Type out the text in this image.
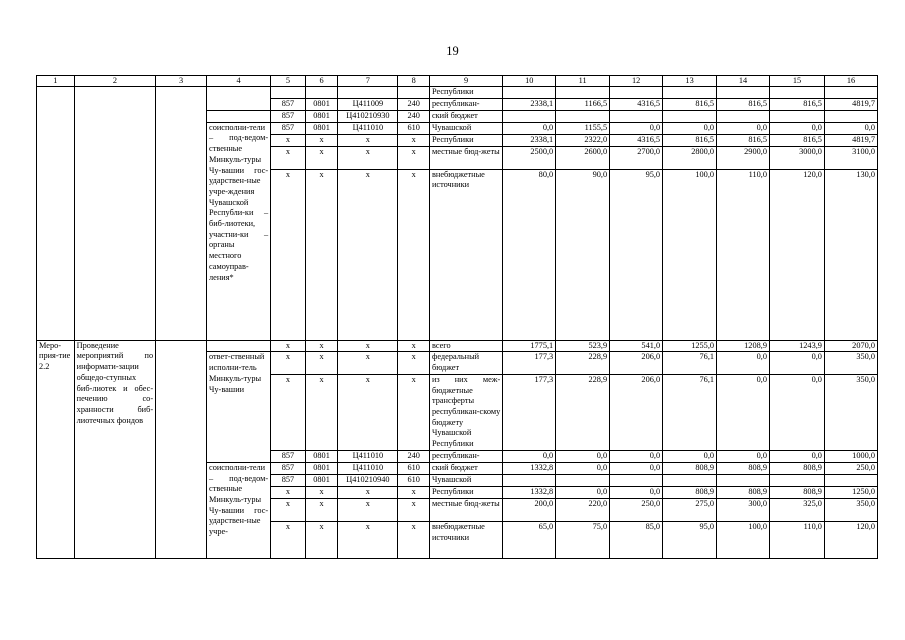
19
1	2	3	4	5	6	7	8	9	10	11	12	13	14	15	16
								Республики							
				857	0801	Ц411009	240	республикан-	2338,1	1166,5	4316,5	816,5	816,5	816,5	4819,7
				857	0801	Ц410210930	240	ский бюджет							
			соисполни-тели – под-ведом-ственные Минкуль-туры Чу-вашии гос-ударствен-ные учре-ждения Чувашской Республи-ки – биб-лиотеки, участни-ки – органы местного самоуправ-ления*	857	0801	Ц411010	610	Чувашской	0,0	1155,5	0,0	0,0	0,0	0,0	0,0
				x	x	x	x	Республики	2338,1	2322,0	4316,5	816,5	816,5	816,5	4819,7
				x	x	x	x	местные бюд-жеты	2500,0	2600,0	2700,0	2800,0	2900,0	3000,0	3100,0
				x	x	x	x	внебюджетные источники	80,0	90,0	95,0	100,0	110,0	120,0	130,0
Меро-прия-тие 2.2	Проведение мероприятий по информати-зации общедо-ступных биб-лиотек и обес-печению со-хранности биб-лиотечных фондов			x	x	x	x	всего	1775,1	523,9	541,0	1255,0	1208,9	1243,9	2070,0
			ответ-ственный исполни-тель Минкуль-туры Чу-вашии	x	x	x	x	федеральный бюджет	177,3	228,9	206,0	76,1	0,0	0,0	350,0
				x	x	x	x	из них меж-бюджетные трансферты республикан-скому бюджету Чувашской Республики	177,3	228,9	206,0	76,1	0,0	0,0	350,0
				857	0801	Ц411010	240	республикан-	0,0	0,0	0,0	0,0	0,0	0,0	1000,0
			соисполни-тели – под-ведом-ственные Минкуль-туры Чу-вашии гос-ударствен-ные учре-	857	0801	Ц411010	610	ский бюджет	1332,8	0,0	0,0	808,9	808,9	808,9	250,0
				857	0801	Ц410210940	610	Чувашской							
				x	x	x	x	Республики	1332,8	0,0	0,0	808,9	808,9	808,9	1250,0
				x	x	x	x	местные бюд-жеты	200,0	220,0	250,0	275,0	300,0	325,0	350,0
				x	x	x	x	внебюджетные источники	65,0	75,0	85,0	95,0	100,0	110,0	120,0
